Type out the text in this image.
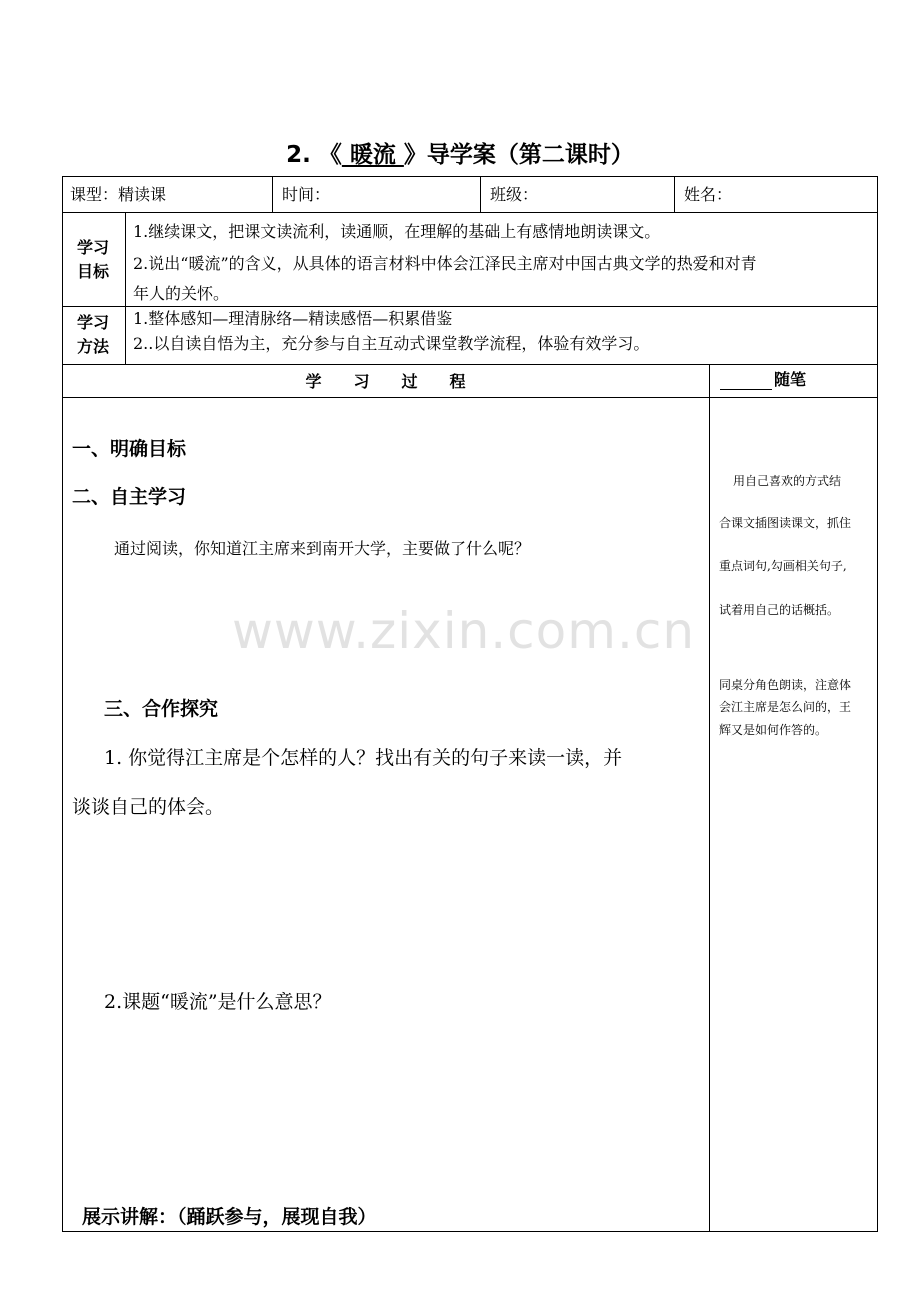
2. 《 暖流 》导学案（第二课时）
课型：精读课	时间：	班级：	姓名：
学习
目标
1.继续课文，把课文读流利，读通顺，在理解的基础上有感情地朗读课文。
2.说出“暖流”的含义，从具体的语言材料中体会江泽民主席对中国古典文学的热爱和对青
年人的关怀。
学习
方法
1.整体感知—理清脉络—精读感悟—积累借鉴
2..以自读自悟为主，充分参与自主互动式课堂教学流程，体验有效学习。
学　　习　　过　　程	随笔
一、明确目标
二、自主学习
通过阅读，你知道江主席来到南开大学，主要做了什么呢？
www.zixin.com.cn
三、合作探究
1. 你觉得江主席是个怎样的人？找出有关的句子来读一读，并
谈谈自己的体会。
2.课题“暖流”是什么意思？
展示讲解：（踊跃参与，展现自我）
用自己喜欢的方式结
合课文插图读课文，抓住
重点词句,勾画相关句子,
试着用自己的话概括。
同桌分角色朗读，注意体
会江主席是怎么问的，王
辉又是如何作答的。
